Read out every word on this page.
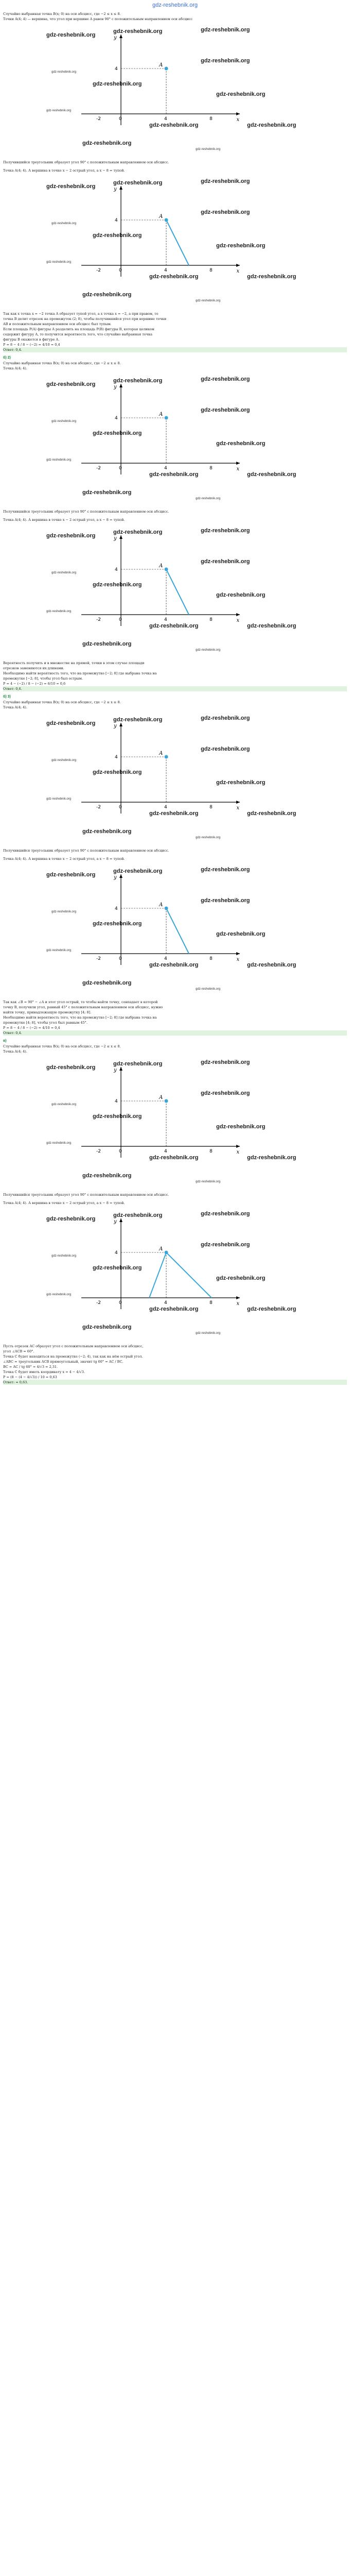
gdz-reshebnik.org
Случайно выбранная точка B(x; 0) на оси абсцисс, где −2 ≤ x ≤ 8.
Точки A(4; 4) — вершина, что угол при вершине A равен 90° с положительным направлением оси абсцисс
gdz-reshebnik.org
gdz-reshebnik.org	gdz-reshebnik.org
gdz-reshebnik.org
gdz-reshebnik.org
gdz-reshebnik.org
gdz-reshebnik.org
gdz-reshebnik.org
gdz-reshebnik.org	gdz-reshebnik.org
gdz-reshebnik.org
gdz-reshebnik.org
x
y
-2	0	4	8
4
A
Получившийся треугольник образует угол 90° с положительным направлением оси абсцисс.
Точка A(4; 4). А вершина в точке x − 2 острый угол, а x − 8 = тупой.
gdz-reshebnik.org
gdz-reshebnik.org	gdz-reshebnik.org
gdz-reshebnik.org
gdz-reshebnik.org
gdz-reshebnik.org
gdz-reshebnik.org
gdz-reshebnik.org
gdz-reshebnik.org	gdz-reshebnik.org
gdz-reshebnik.org
gdz-reshebnik.org
x
y
-2	0	4	8
4
A
Так как x точка x = −2 точка A образует тупой угол, а x точка x = −2, а при правом, то
точка B делит отрезок на промежуток (2; 8), чтобы получившийся угол при вершине точки
AB и положительным направлением оси абсцисс был тупым.
Если площадь P(A) фигуры А разделить на площадь P(B) фигуры B, которая целиком
содержит фигуру А, то получится вероятность того, что случайно выбранная точка
фигуры B окажется в фигуре А.
P = 8 − 4 / 8 − (−2) = 4/10 = 0,4
Ответ: 0,4.
б) 2)
Случайно выбранная точка B(x; 0) на оси абсцисс, где −2 ≤ x ≤ 8.
Точка A(4; 4).
gdz-reshebnik.org
gdz-reshebnik.org	gdz-reshebnik.org
gdz-reshebnik.org
gdz-reshebnik.org
gdz-reshebnik.org
gdz-reshebnik.org
gdz-reshebnik.org
gdz-reshebnik.org	gdz-reshebnik.org
gdz-reshebnik.org
gdz-reshebnik.org
x
y
-2	0	4	8
4
A
Получившийся треугольник образует угол 90° с положительным направлением оси абсцисс.
Точка A(4; 4). А вершина в точке x − 2 острый угол, а x − 8 = тупой.
gdz-reshebnik.org
gdz-reshebnik.org	gdz-reshebnik.org
gdz-reshebnik.org
gdz-reshebnik.org
gdz-reshebnik.org
gdz-reshebnik.org
gdz-reshebnik.org
gdz-reshebnik.org	gdz-reshebnik.org
gdz-reshebnik.org
gdz-reshebnik.org
x
y
-2	0	4	8
4
A
Вероятность получить и в множестве на прямой, точки в этом случае площади
отрезков заменяются их длинами.
Необходимо найти вероятность того, что на промежутке [−2; 8] где выбрана точка на
промежутке [−2; 8], чтобы угол был острым.
P = 4 − (−2) / 8 − (−2) = 6/10 = 0,6
Ответ: 0,6.
б) 3)
Случайно выбранная точка B(x; 0) на оси абсцисс, где −2 ≤ x ≤ 8.
Точка A(4; 4).
gdz-reshebnik.org
gdz-reshebnik.org	gdz-reshebnik.org
gdz-reshebnik.org
gdz-reshebnik.org
gdz-reshebnik.org
gdz-reshebnik.org
gdz-reshebnik.org
gdz-reshebnik.org	gdz-reshebnik.org
gdz-reshebnik.org
gdz-reshebnik.org
x
y
-2	0	4	8
4
A
Получившийся треугольник образует угол 90° с положительным направлением оси абсцисс.
Точка A(4; 4). А вершина в точке x − 2 острый угол, а x − 8 = тупой.
gdz-reshebnik.org
gdz-reshebnik.org	gdz-reshebnik.org
gdz-reshebnik.org
gdz-reshebnik.org
gdz-reshebnik.org
gdz-reshebnik.org
gdz-reshebnik.org
gdz-reshebnik.org	gdz-reshebnik.org
gdz-reshebnik.org
gdz-reshebnik.org
x
y
-2	0	4	8
4
A
Так как ∠B = 90° − ∠A и этот угол острый, то чтобы найти точку, совпадает в которой
точку B, получили угол, равный 45° с положительным направлением оси абсцисс, нужно
найти точку, принадлежащую промежутку [4; 8].
Необходимо найти вероятность того, что на промежутке [−2; 8] где выбрана точка на
промежутке [4; 8], чтобы угол был равным 45°.
P = 8 − 4 / 8 − (−2) = 4/10 = 0,4
Ответ: 0,4.
в)
Случайно выбранная точка B(x; 0) на оси абсцисс, где −2 ≤ x ≤ 8.
Точка A(4; 4).
gdz-reshebnik.org
gdz-reshebnik.org	gdz-reshebnik.org
gdz-reshebnik.org
gdz-reshebnik.org
gdz-reshebnik.org
gdz-reshebnik.org
gdz-reshebnik.org
gdz-reshebnik.org	gdz-reshebnik.org
gdz-reshebnik.org
gdz-reshebnik.org
x
y
-2	0	4	8
4
A
Получившийся треугольник образует угол 90° с положительным направлением оси абсцисс.
Точка A(4; 4). А вершина в точке x − 2 острый угол, а x − 8 = тупой.
gdz-reshebnik.org
gdz-reshebnik.org	gdz-reshebnik.org
gdz-reshebnik.org
gdz-reshebnik.org
gdz-reshebnik.org
gdz-reshebnik.org
gdz-reshebnik.org
gdz-reshebnik.org	gdz-reshebnik.org
gdz-reshebnik.org
gdz-reshebnik.org
x
y
-2	0	4	8
4
A
Пусть отрезок AC образует угол с положительным направлением оси абсцисс,
угол ∠ACB = 60°.
Точка C будет находиться на промежутке (−2; 4), так как на нём острый угол.
∠ABC = треугольник ACB прямоугольный, значит tg 60° = AC / BC.
BC = AC / tg 60° = 4/√3 ≈ 2,31.
Точка C будет иметь координату x = 4 − 4/√3.
P = (8 − (4 − 4/√3)) / 10 ≈ 0,63
Ответ: ≈ 0,63.
